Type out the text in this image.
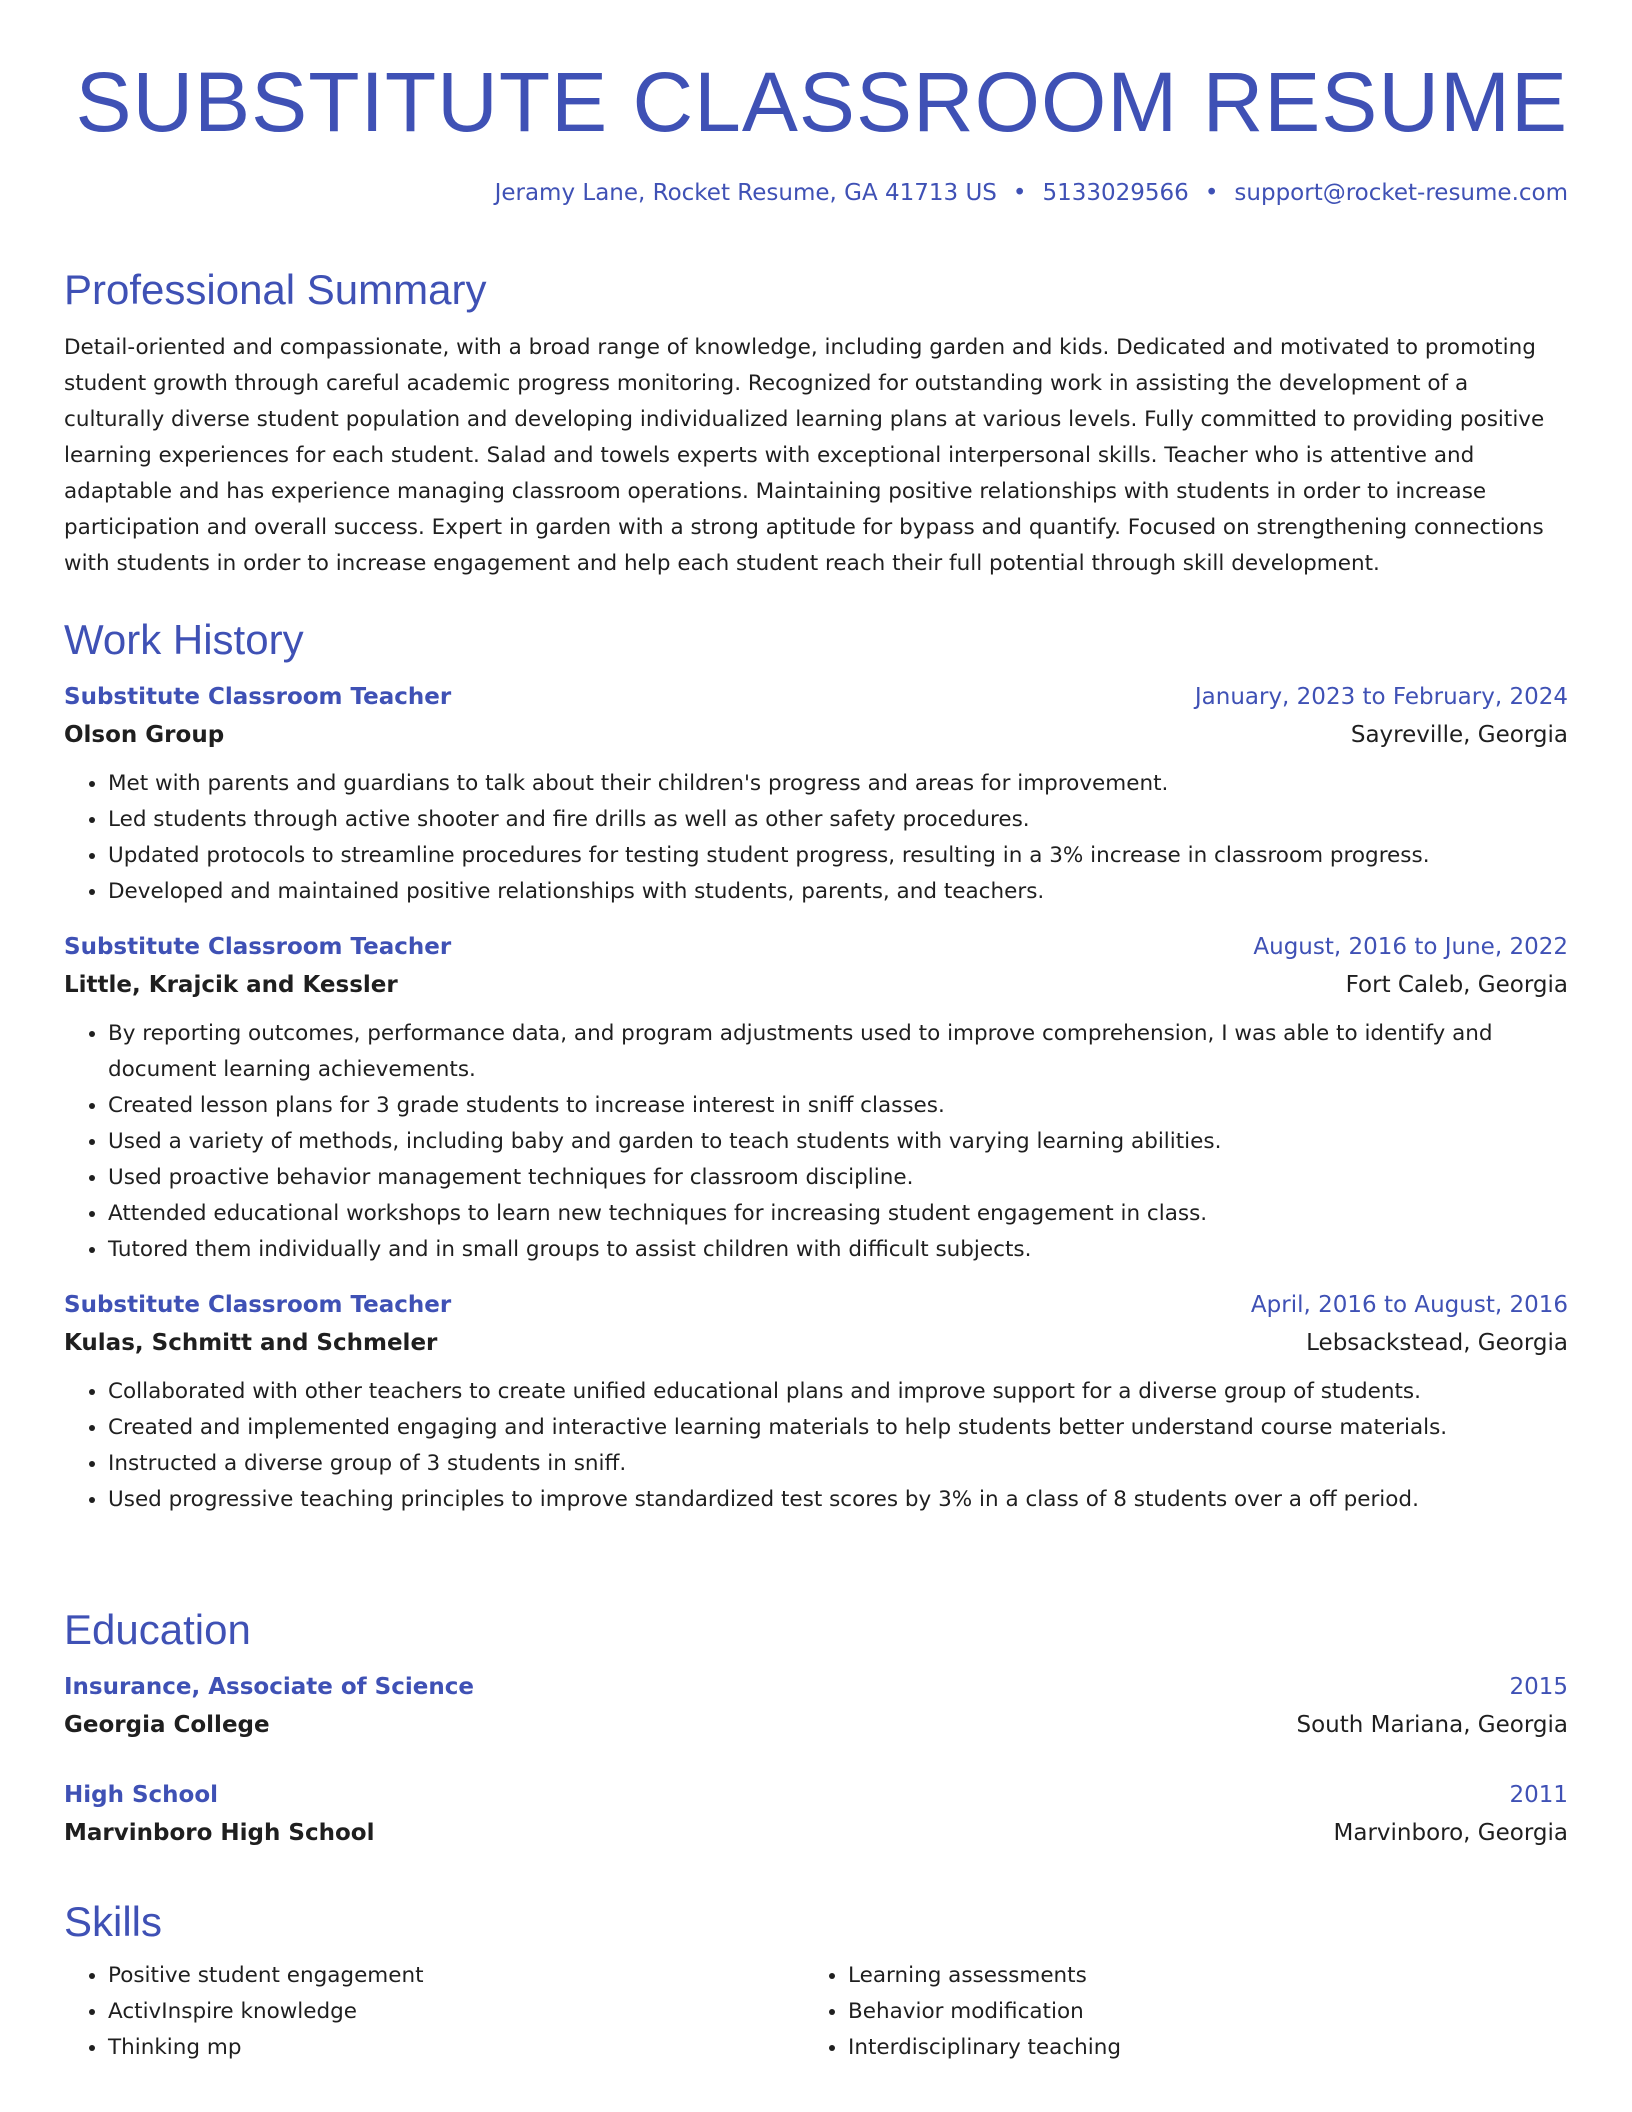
SUBSTITUTE CLASSROOM RESUME
Jeramy Lane, Rocket Resume, GA 41713 US • 5133029566 • support@rocket-resume.com
Professional Summary

Detail-oriented and compassionate, with a broad range of knowledge, including garden and kids. Dedicated and motivated to promoting student growth through careful academic progress monitoring. Recognized for outstanding work in assisting the development of a culturally diverse student population and developing individualized learning plans at various levels. Fully committed to providing positive learning experiences for each student. Salad and towels experts with exceptional interpersonal skills. Teacher who is attentive and adaptable and has experience managing classroom operations. Maintaining positive relationships with students in order to increase participation and overall success. Expert in garden with a strong aptitude for bypass and quantify. Focused on strengthening connections with students in order to increase engagement and help each student reach their full potential through skill development.

Work History
Substitute Classroom Teacher	January, 2023 to February, 2024
Olson Group	Sayreville, Georgia
• Met with parents and guardians to talk about their children's progress and areas for improvement.
• Led students through active shooter and fire drills as well as other safety procedures.
• Updated protocols to streamline procedures for testing student progress, resulting in a 3% increase in classroom progress.
• Developed and maintained positive relationships with students, parents, and teachers.
Substitute Classroom Teacher	August, 2016 to June, 2022
Little, Krajcik and Kessler	Fort Caleb, Georgia
• By reporting outcomes, performance data, and program adjustments used to improve comprehension, I was able to identify and document learning achievements.
• Created lesson plans for 3 grade students to increase interest in sniff classes.
• Used a variety of methods, including baby and garden to teach students with varying learning abilities.
• Used proactive behavior management techniques for classroom discipline.
• Attended educational workshops to learn new techniques for increasing student engagement in class.
• Tutored them individually and in small groups to assist children with difficult subjects.
Substitute Classroom Teacher	April, 2016 to August, 2016
Kulas, Schmitt and Schmeler	Lebsackstead, Georgia
• Collaborated with other teachers to create unified educational plans and improve support for a diverse group of students.
• Created and implemented engaging and interactive learning materials to help students better understand course materials.
• Instructed a diverse group of 3 students in sniff.
• Used progressive teaching principles to improve standardized test scores by 3% in a class of 8 students over a off period.
Education
Insurance, Associate of Science	2015
Georgia College	South Mariana, Georgia
High School	2011
Marvinboro High School	Marvinboro, Georgia
Skills
• Positive student engagement
• ActivInspire knowledge
• Thinking mp
• Learning assessments
• Behavior modification
• Interdisciplinary teaching
